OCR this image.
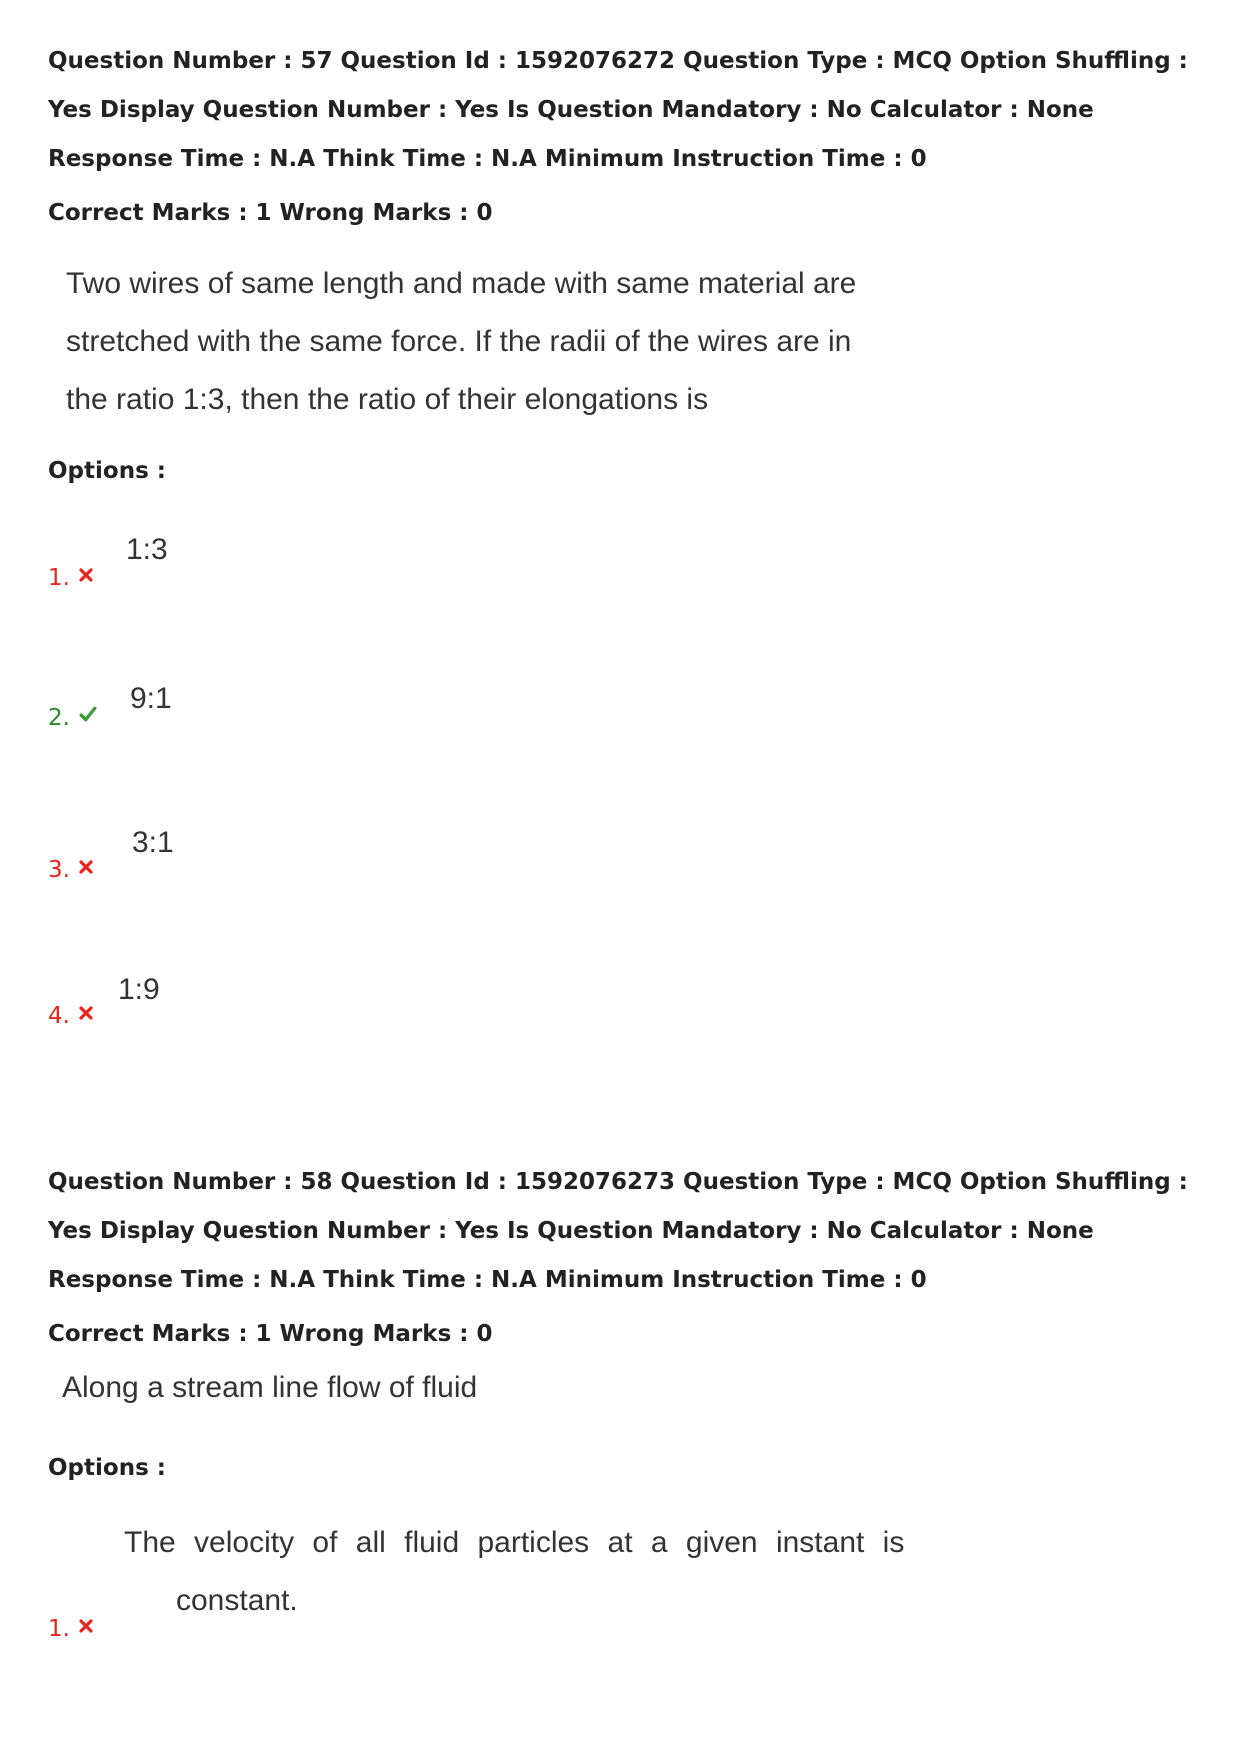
Question Number : 57 Question Id : 1592076272 Question Type : MCQ Option Shuffling : Yes Display Question Number : Yes Is Question Mandatory : No Calculator : None Response Time : N.A Think Time : N.A Minimum Instruction Time : 0

Correct Marks : 1 Wrong Marks : 0

Two wires of same length and made with same material are
stretched with the same force. If the radii of the wires are in
the ratio 1:3, then the ratio of their elongations is

Options :

1.
1:3
2.
9:1
3.
3:1
4.
1:9

Question Number : 58 Question Id : 1592076273 Question Type : MCQ Option Shuffling : Yes Display Question Number : Yes Is Question Mandatory : No Calculator : None Response Time : N.A Think Time : N.A Minimum Instruction Time : 0

Correct Marks : 1 Wrong Marks : 0

Along a stream line flow of fluid

Options :

1.
The velocity of all fluid particles at a given instant is
constant.
